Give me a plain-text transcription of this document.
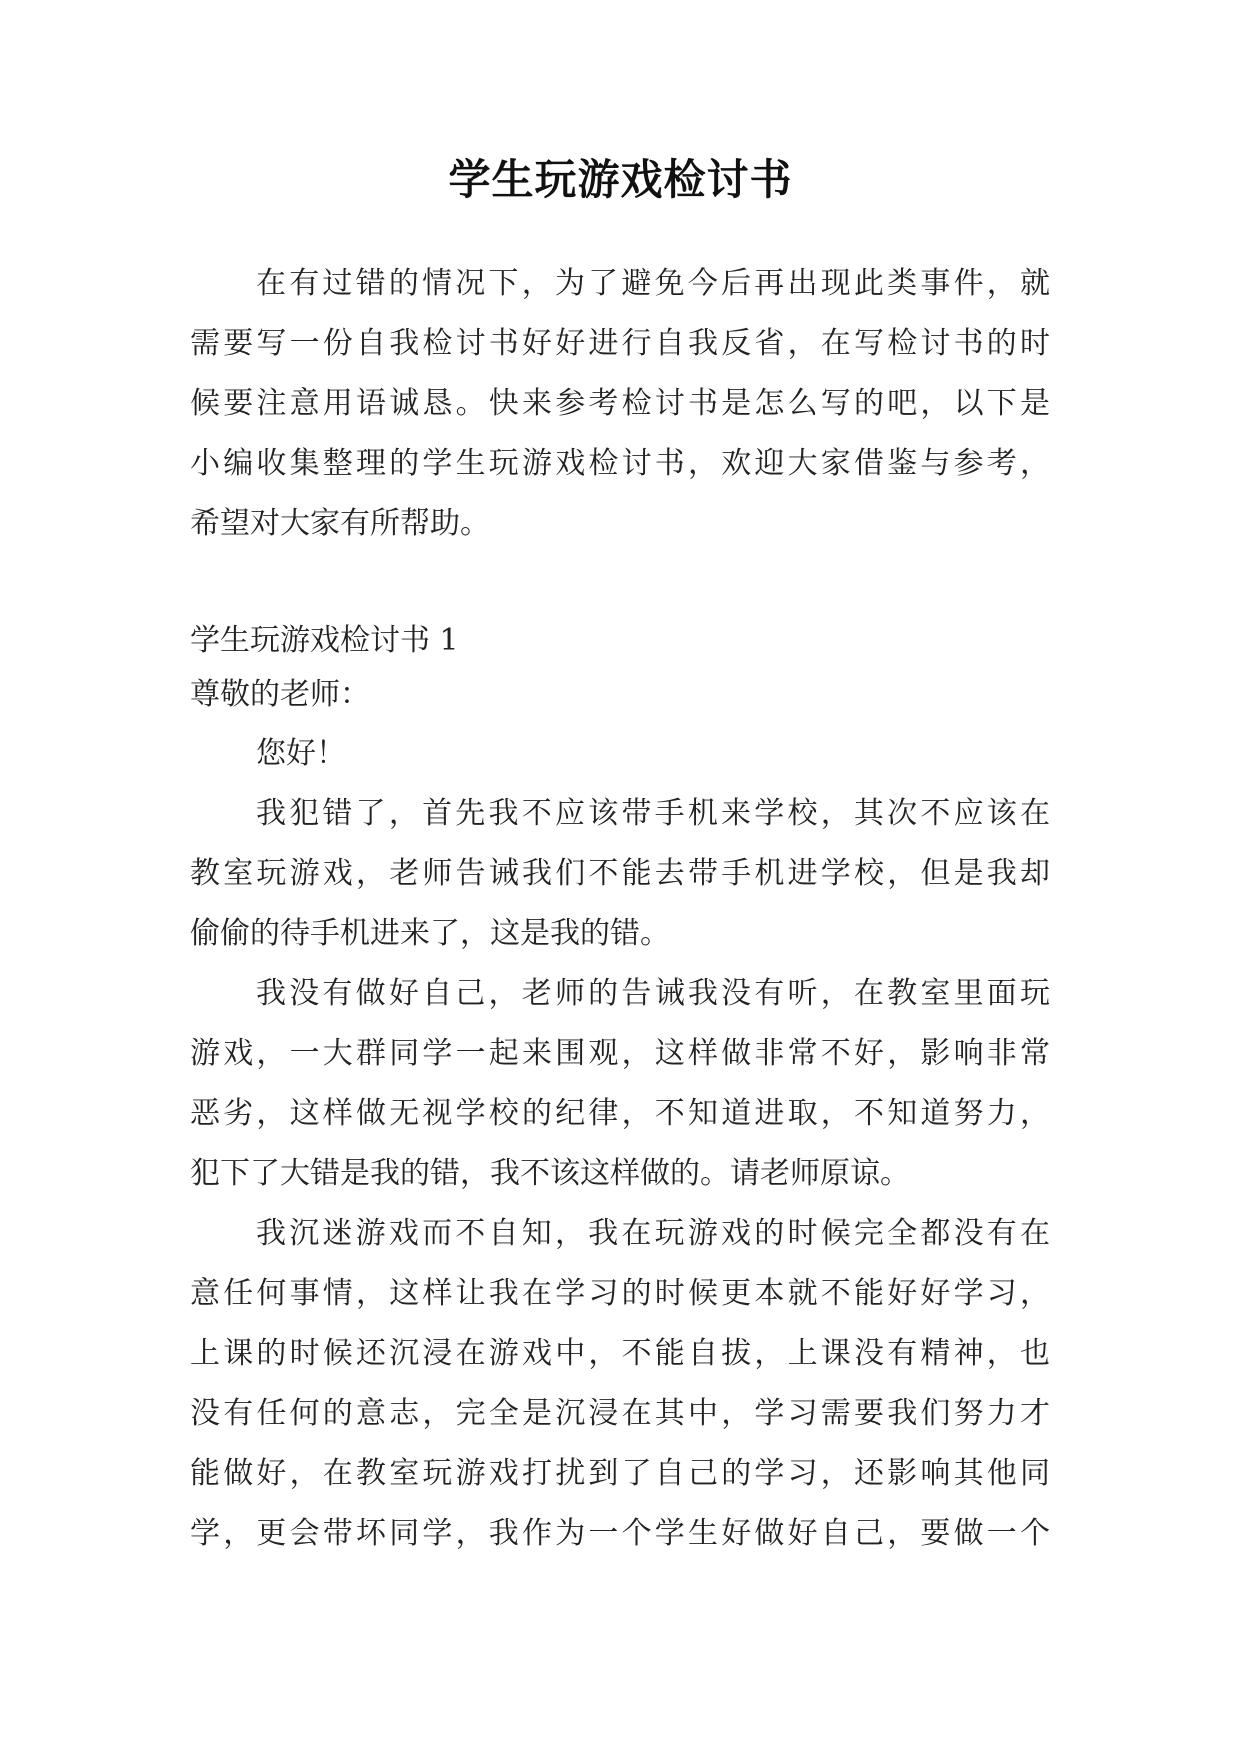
学生玩游戏检讨书
在有过错的情况下，为了避免今后再出现此类事件，就
需要写一份自我检讨书好好进行自我反省，在写检讨书的时
候要注意用语诚恳。快来参考检讨书是怎么写的吧，以下是
小编收集整理的学生玩游戏检讨书，欢迎大家借鉴与参考，
希望对大家有所帮助。
学生玩游戏检讨书 1
尊敬的老师：
您好！
我犯错了，首先我不应该带手机来学校，其次不应该在
教室玩游戏，老师告诫我们不能去带手机进学校，但是我却
偷偷的待手机进来了，这是我的错。
我没有做好自己，老师的告诫我没有听，在教室里面玩
游戏，一大群同学一起来围观，这样做非常不好，影响非常
恶劣，这样做无视学校的纪律，不知道进取，不知道努力，
犯下了大错是我的错，我不该这样做的。请老师原谅。
我沉迷游戏而不自知，我在玩游戏的时候完全都没有在
意任何事情，这样让我在学习的时候更本就不能好好学习，
上课的时候还沉浸在游戏中，不能自拔，上课没有精神，也
没有任何的意志，完全是沉浸在其中，学习需要我们努力才
能做好，在教室玩游戏打扰到了自己的学习，还影响其他同
学，更会带坏同学，我作为一个学生好做好自己，要做一个
